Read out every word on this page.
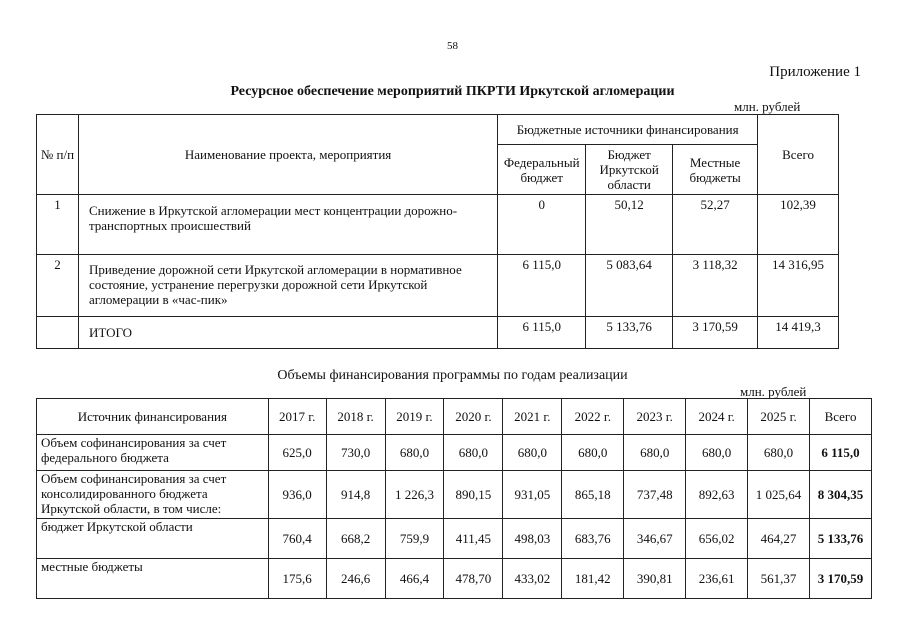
58
Приложение 1
Ресурсное обеспечение мероприятий ПКРТИ Иркутской агломерации
млн. рублей
№ п/п	Наименование проекта, мероприятия	Бюджетные источники финансирования			Всего
		Федеральный бюджет	Бюджет Иркутской области	Местные бюджеты	
1	Снижение в Иркутской агломерации мест концентрации дорожно-транспортных происшествий	0	50,12	52,27	102,39
2	Приведение дорожной сети Иркутской агломерации в нормативное состояние, устранение перегрузки дорожной сети Иркутской агломерации в «час-пик»	6 115,0	5 083,64	3 118,32	14 316,95
	ИТОГО	6 115,0	5 133,76	3 170,59	14 419,3
Объемы финансирования программы по годам реализации
млн. рублей
Источник финансирования	2017 г.	2018 г.	2019 г.	2020 г.	2021 г.	2022 г.	2023 г.	2024 г.	2025 г.	Всего
Объем софинансирования за счет федерального бюджета	625,0	730,0	680,0	680,0	680,0	680,0	680,0	680,0	680,0	6 115,0
Объем софинансирования за счет консолидированного бюджета Иркутской области, в том числе:	936,0	914,8	1 226,3	890,15	931,05	865,18	737,48	892,63	1 025,64	8 304,35
бюджет Иркутской области	760,4	668,2	759,9	411,45	498,03	683,76	346,67	656,02	464,27	5 133,76
местные бюджеты	175,6	246,6	466,4	478,70	433,02	181,42	390,81	236,61	561,37	3 170,59
